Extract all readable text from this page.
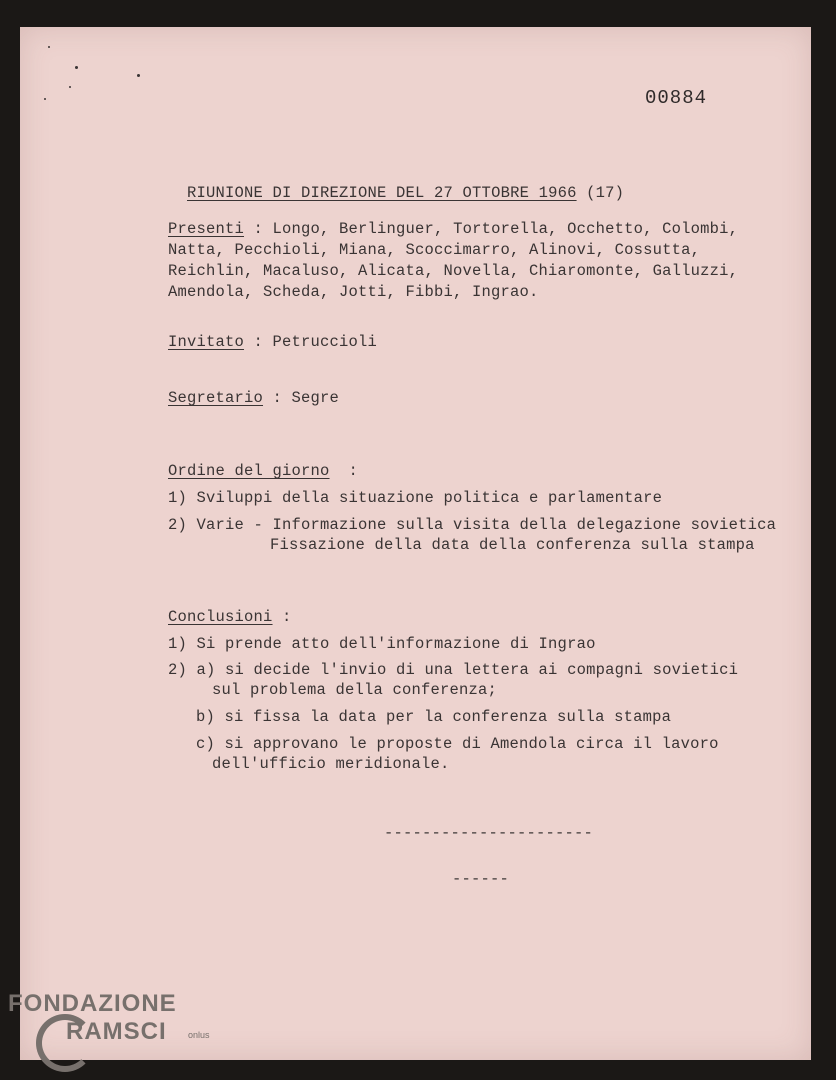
00884

RIUNIONE DI DIREZIONE DEL 27 OTTOBRE 1966 (17)

Presenti : Longo, Berlinguer, Tortorella, Occhetto, Colombi,
Natta, Pecchioli, Miana, Scoccimarro, Alinovi, Cossutta,
Reichlin, Macaluso, Alicata, Novella, Chiaromonte, Galluzzi,
Amendola, Scheda, Jotti, Fibbi, Ingrao.
Invitato : Petruccioli
Segretario : Segre
Ordine del giorno :
1) Sviluppi della situazione politica e parlamentare
2) Varie - Informazione sulla visita della delegazione sovietica
Fissazione della data della conferenza sulla stampa
Conclusioni :
1) Si prende atto dell'informazione di Ingrao
2) a) si decide l'invio di una lettera ai compagni sovietici
sul problema della conferenza;
b) si fissa la data per la conferenza sulla stampa
c) si approvano le proposte di Amendola circa il lavoro
dell'ufficio meridionale.
----------------------
------
FONDAZIONE
RAMSCI onlus
